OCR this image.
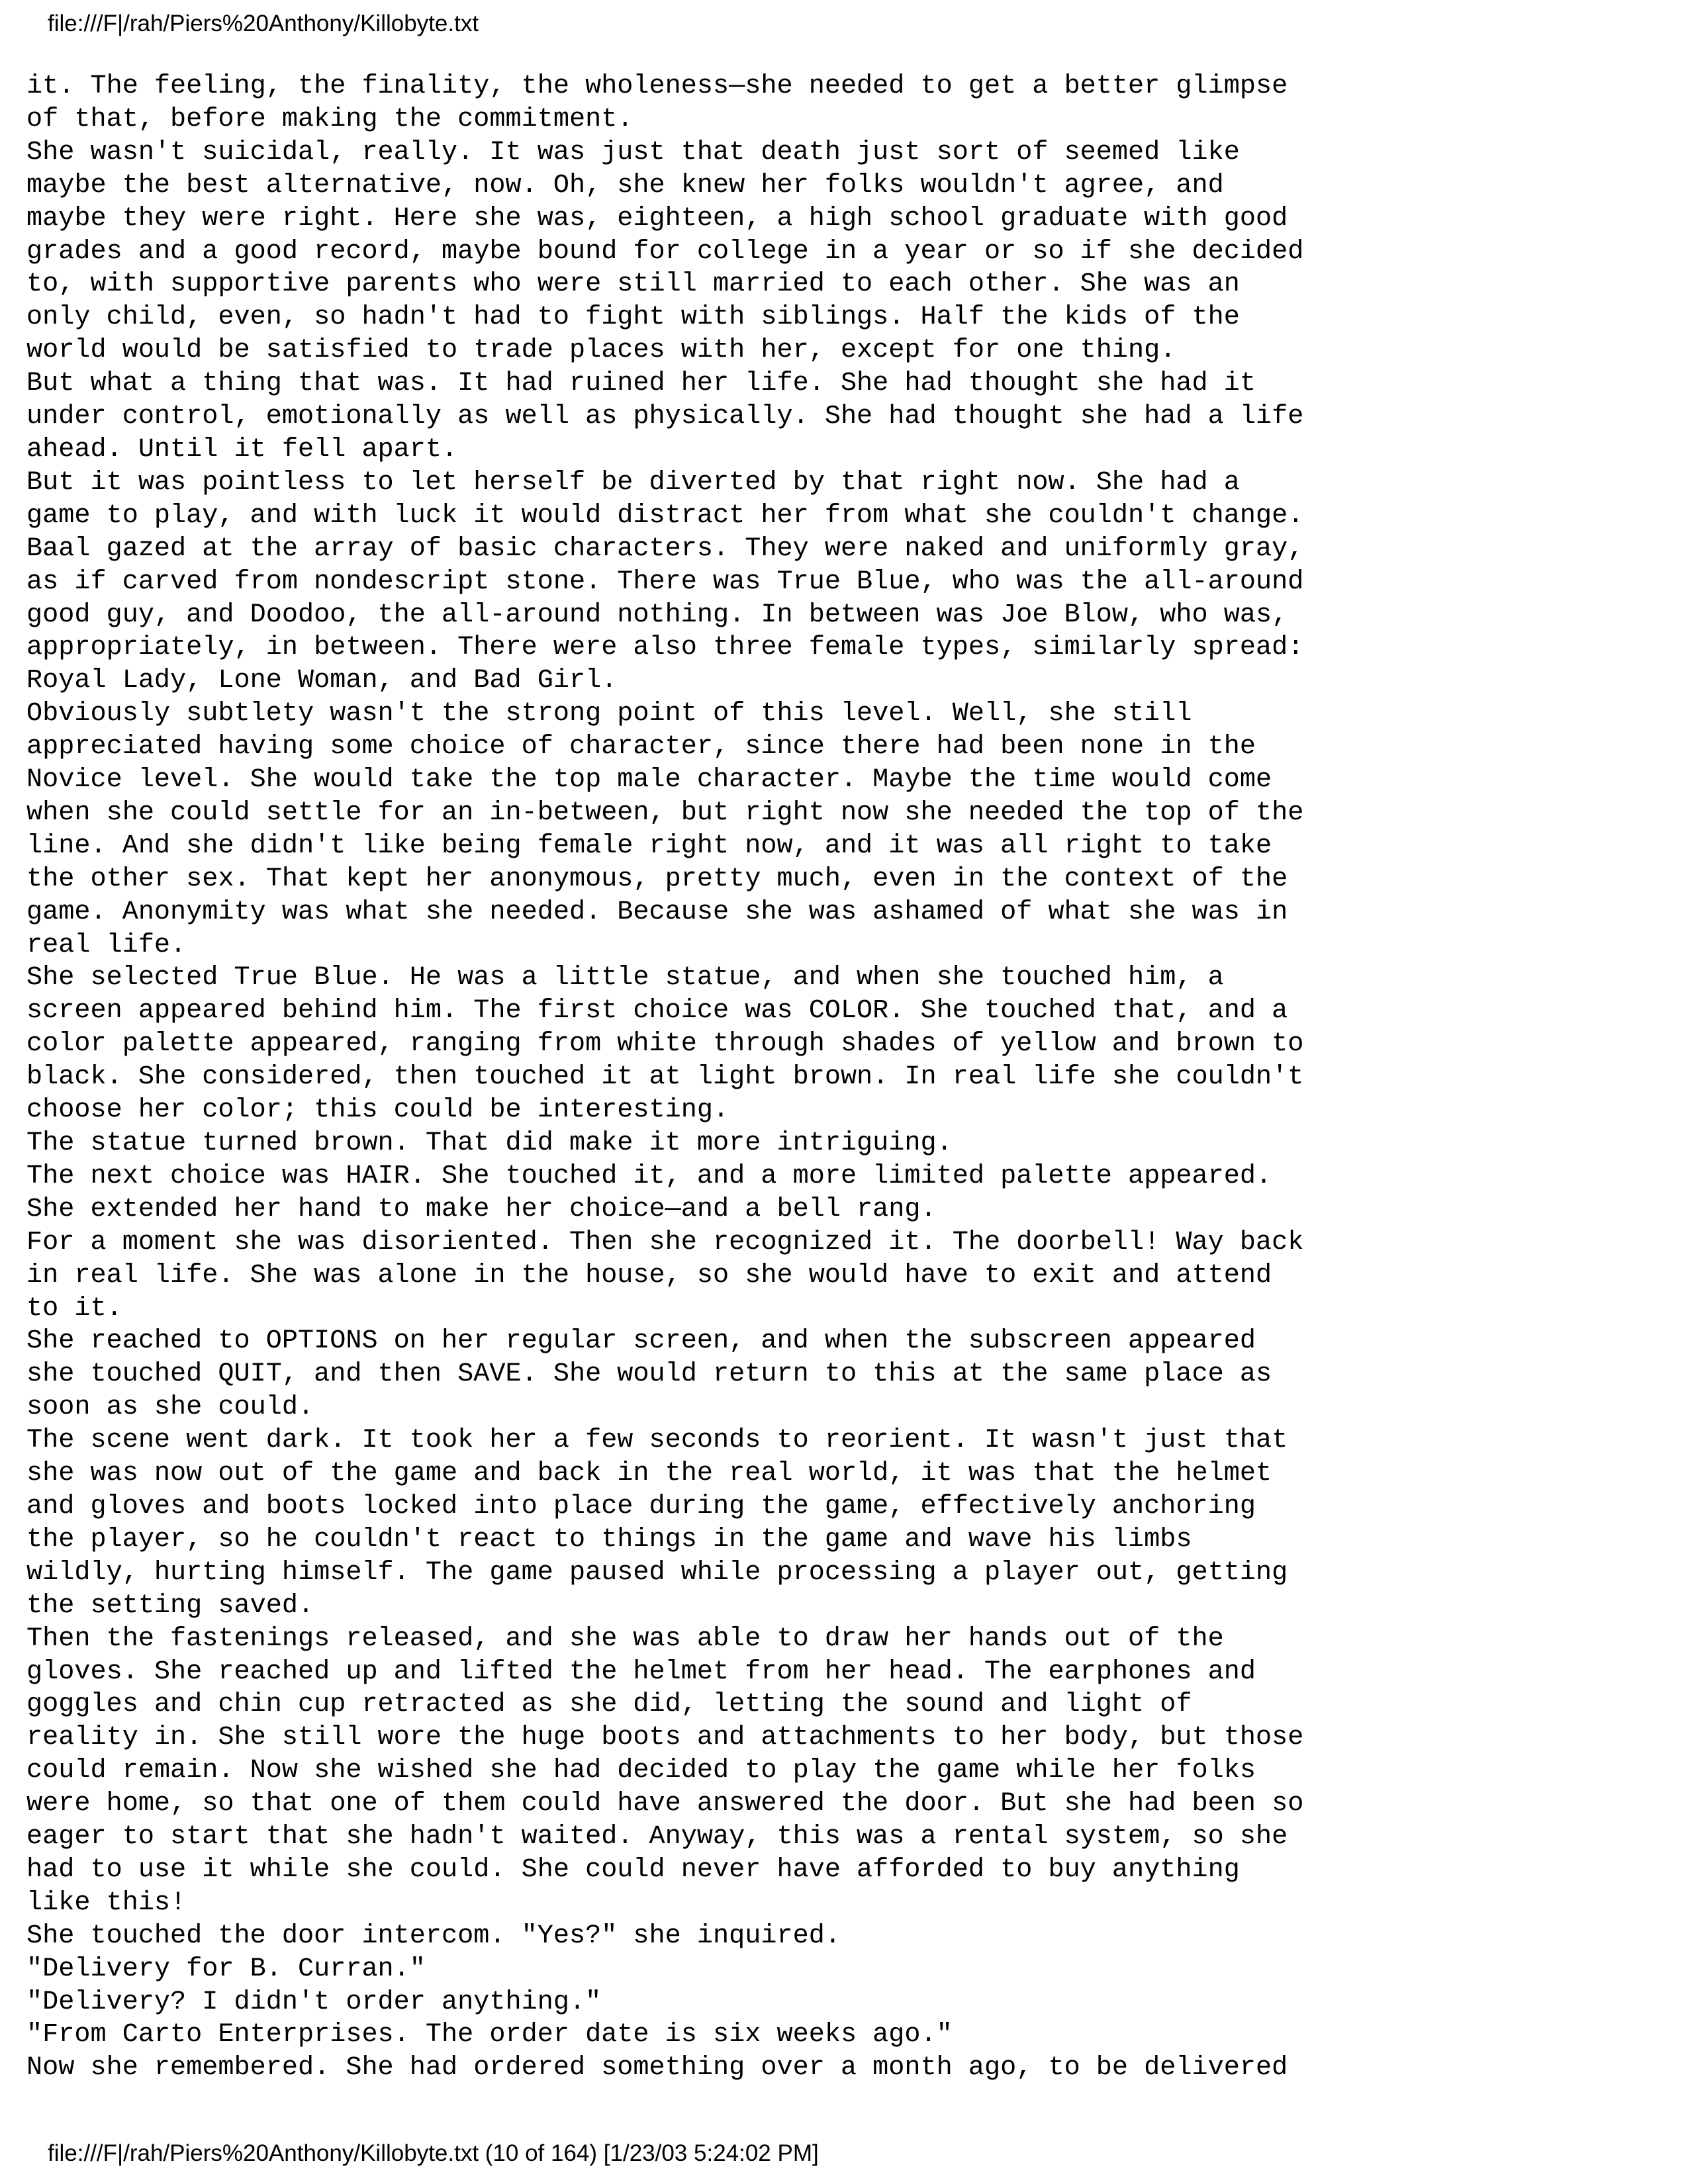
file:///F|/rah/Piers%20Anthony/Killobyte.txt
it. The feeling, the finality, the wholeness—she needed to get a better glimpse
of that, before making the commitment.
She wasn't suicidal, really. It was just that death just sort of seemed like
maybe the best alternative, now. Oh, she knew her folks wouldn't agree, and
maybe they were right. Here she was, eighteen, a high school graduate with good
grades and a good record, maybe bound for college in a year or so if she decided
to, with supportive parents who were still married to each other. She was an
only child, even, so hadn't had to fight with siblings. Half the kids of the
world would be satisfied to trade places with her, except for one thing.
But what a thing that was. It had ruined her life. She had thought she had it
under control, emotionally as well as physically. She had thought she had a life
ahead. Until it fell apart.
But it was pointless to let herself be diverted by that right now. She had a
game to play, and with luck it would distract her from what she couldn't change.
Baal gazed at the array of basic characters. They were naked and uniformly gray,
as if carved from nondescript stone. There was True Blue, who was the all-around
good guy, and Doodoo, the all-around nothing. In between was Joe Blow, who was,
appropriately, in between. There were also three female types, similarly spread:
Royal Lady, Lone Woman, and Bad Girl.
Obviously subtlety wasn't the strong point of this level. Well, she still
appreciated having some choice of character, since there had been none in the
Novice level. She would take the top male character. Maybe the time would come
when she could settle for an in-between, but right now she needed the top of the
line. And she didn't like being female right now, and it was all right to take
the other sex. That kept her anonymous, pretty much, even in the context of the
game. Anonymity was what she needed. Because she was ashamed of what she was in
real life.
She selected True Blue. He was a little statue, and when she touched him, a
screen appeared behind him. The first choice was COLOR. She touched that, and a
color palette appeared, ranging from white through shades of yellow and brown to
black. She considered, then touched it at light brown. In real life she couldn't
choose her color; this could be interesting.
The statue turned brown. That did make it more intriguing.
The next choice was HAIR. She touched it, and a more limited palette appeared.
She extended her hand to make her choice—and a bell rang.
For a moment she was disoriented. Then she recognized it. The doorbell! Way back
in real life. She was alone in the house, so she would have to exit and attend
to it.
She reached to OPTIONS on her regular screen, and when the subscreen appeared
she touched QUIT, and then SAVE. She would return to this at the same place as
soon as she could.
The scene went dark. It took her a few seconds to reorient. It wasn't just that
she was now out of the game and back in the real world, it was that the helmet
and gloves and boots locked into place during the game, effectively anchoring
the player, so he couldn't react to things in the game and wave his limbs
wildly, hurting himself. The game paused while processing a player out, getting
the setting saved.
Then the fastenings released, and she was able to draw her hands out of the
gloves. She reached up and lifted the helmet from her head. The earphones and
goggles and chin cup retracted as she did, letting the sound and light of
reality in. She still wore the huge boots and attachments to her body, but those
could remain. Now she wished she had decided to play the game while her folks
were home, so that one of them could have answered the door. But she had been so
eager to start that she hadn't waited. Anyway, this was a rental system, so she
had to use it while she could. She could never have afforded to buy anything
like this!
She touched the door intercom. "Yes?" she inquired.
"Delivery for B. Curran."
"Delivery? I didn't order anything."
"From Carto Enterprises. The order date is six weeks ago."
Now she remembered. She had ordered something over a month ago, to be delivered
file:///F|/rah/Piers%20Anthony/Killobyte.txt (10 of 164) [1/23/03 5:24:02 PM]
